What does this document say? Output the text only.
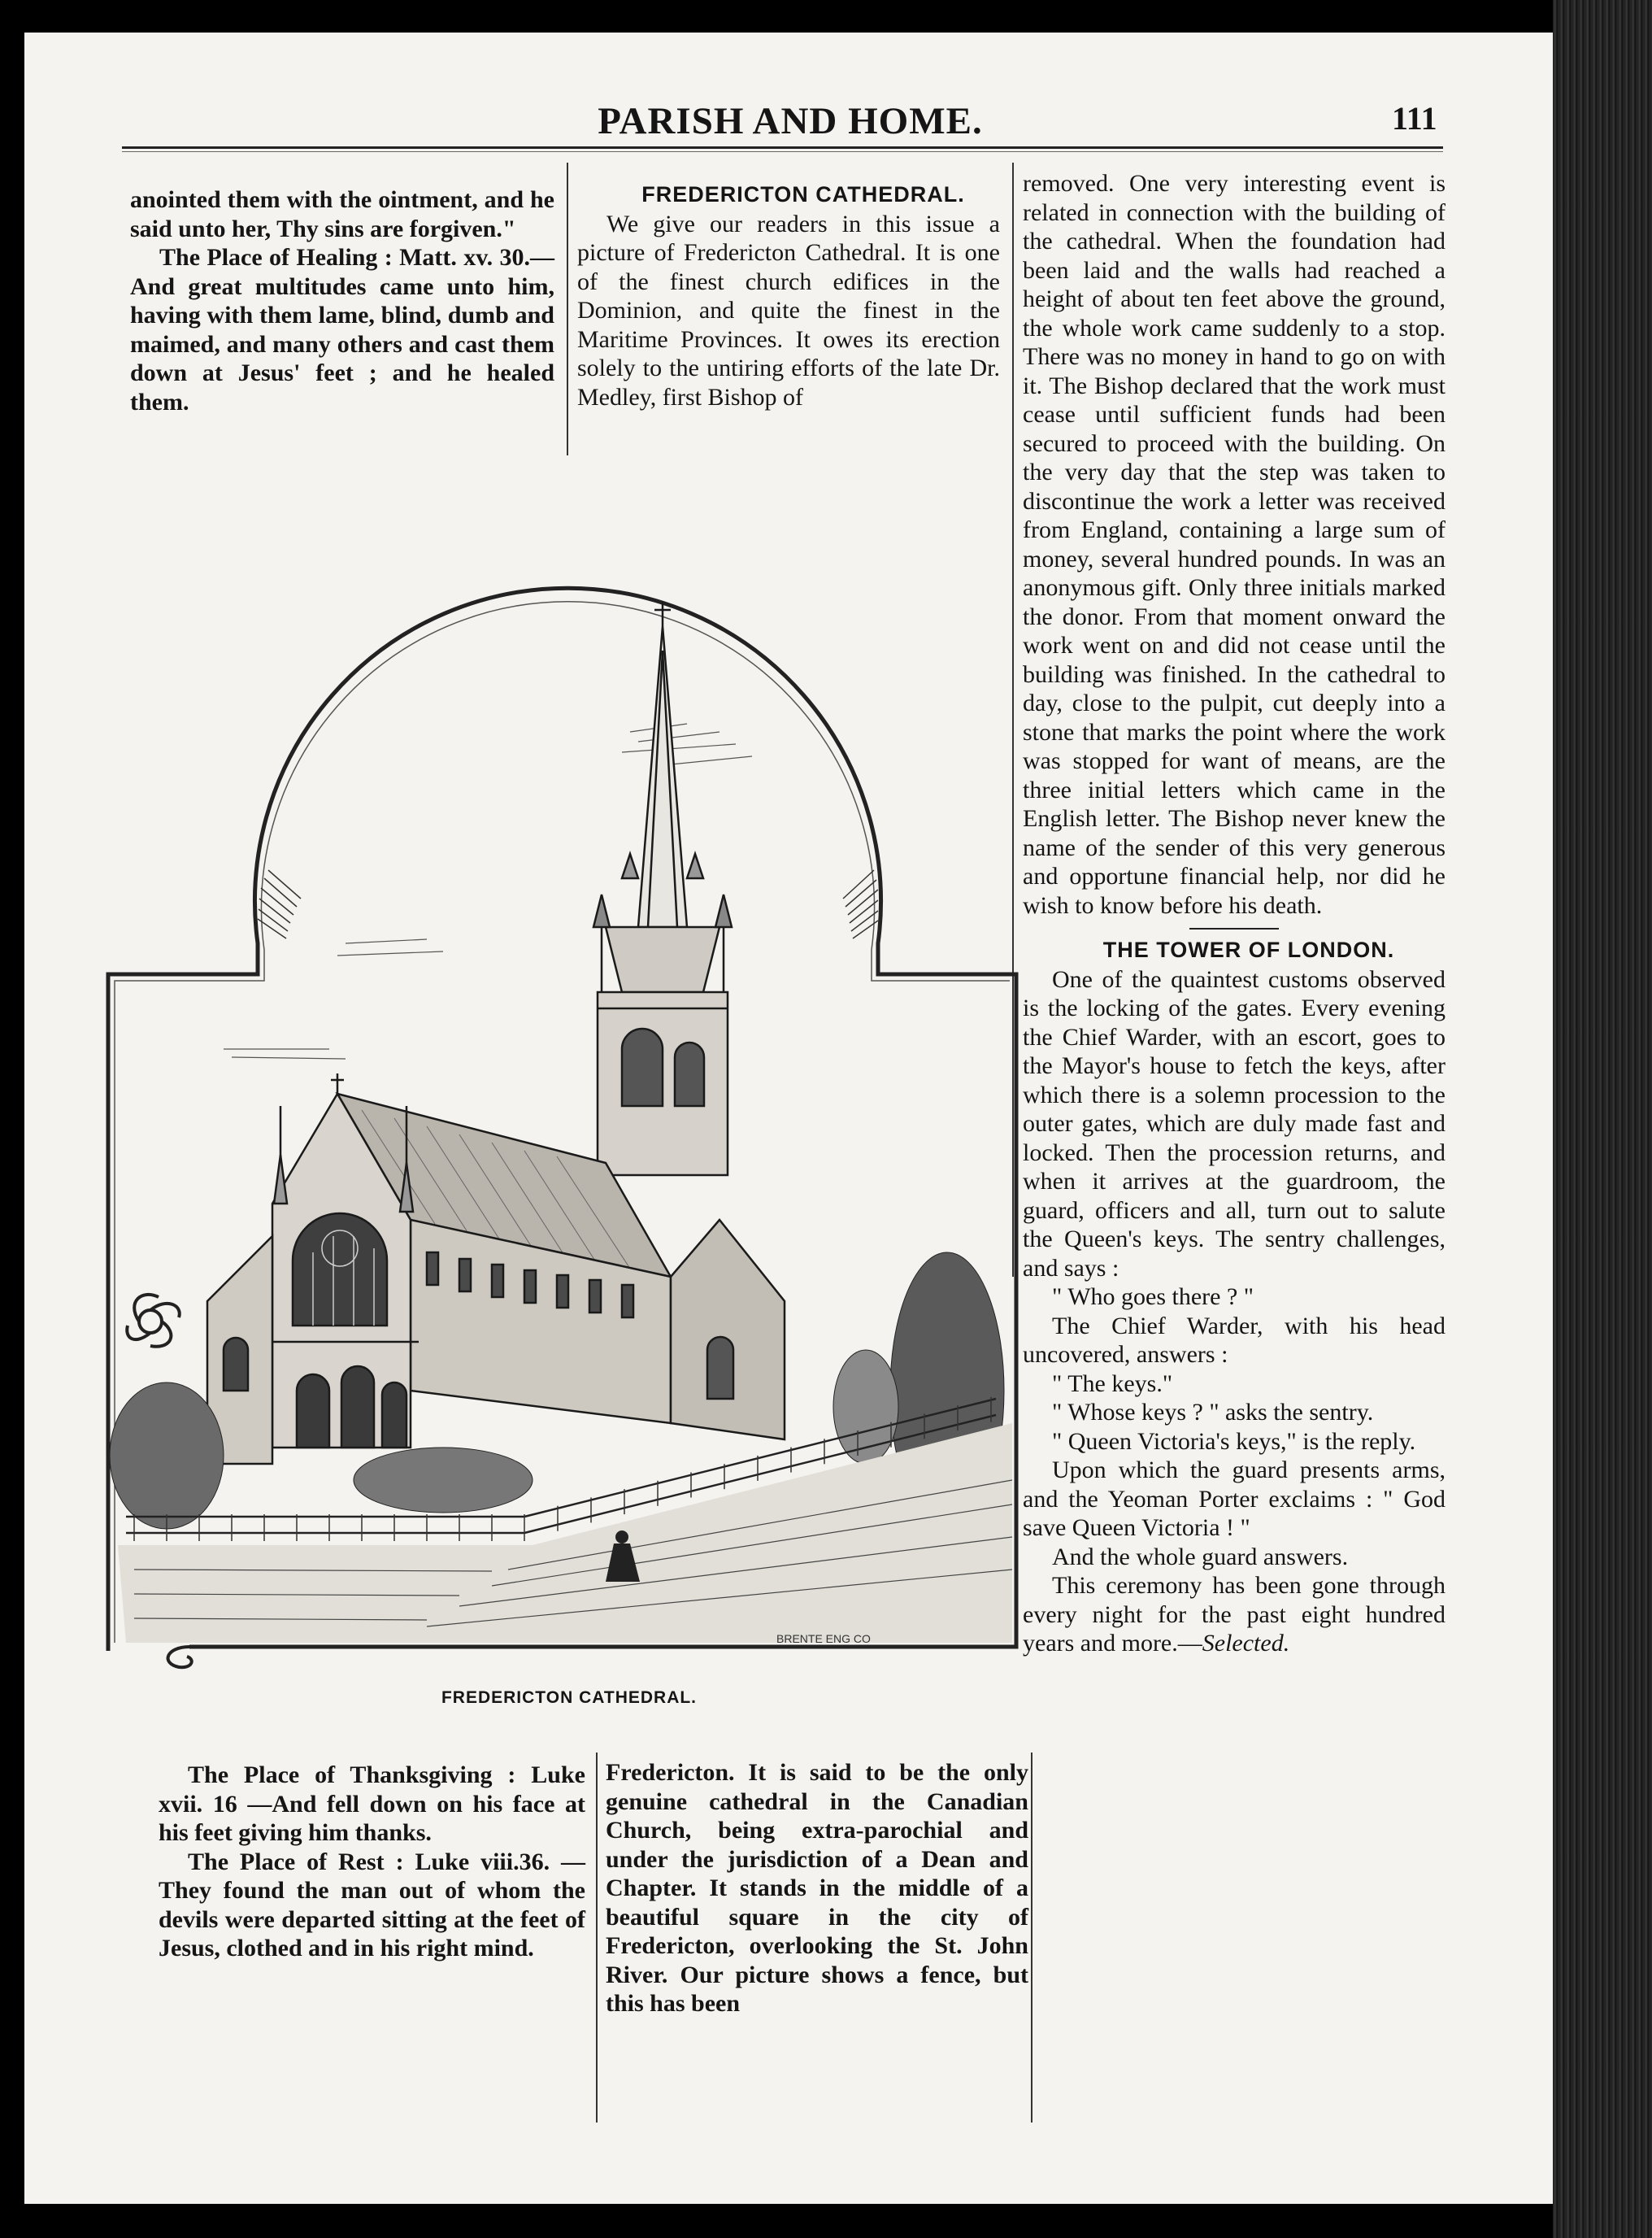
PARISH AND HOME.	111

anointed them with the ointment, and he said unto her, Thy sins are forgiven."

The Place of Healing : Matt. xv. 30.—And great multitudes came unto him, having with them lame, blind, dumb and maimed, and many others and cast them down at Jesus' feet ; and he healed them.

FREDERICTON CATHEDRAL.

We give our readers in this issue a picture of Fredericton Cathedral. It is one of the finest church edifices in the Dominion, and quite the finest in the Maritime Provinces. It owes its erection solely to the untiring efforts of the late Dr. Medley, first Bishop of

removed. One very interesting event is related in connection with the building of the cathedral. When the foundation had been laid and the walls had reached a height of about ten feet above the ground, the whole work came suddenly to a stop. There was no money in hand to go on with it. The Bishop declared that the work must cease until sufficient funds had been secured to proceed with the building. On the very day that the step was taken to discontinue the work a letter was received from England, containing a large sum of money, several hundred pounds. In was an anonymous gift. Only three initials marked the donor. From that moment onward the work went on and did not cease until the building was finished. In the cathedral to day, close to the pulpit, cut deeply into a stone that marks the point where the work was stopped for want of means, are the three initial letters which came in the English letter. The Bishop never knew the name of the sender of this very generous and opportune financial help, nor did he wish to know before his death.

THE TOWER OF LONDON.

One of the quaintest customs observed is the locking of the gates. Every evening the Chief Warder, with an escort, goes to the Mayor's house to fetch the keys, after which there is a solemn procession to the outer gates, which are duly made fast and locked. Then the procession returns, and when it arrives at the guardroom, the guard, officers and all, turn out to salute the Queen's keys. The sentry challenges, and says :

" Who goes there ? "

The Chief Warder, with his head uncovered, answers :

" The keys."

" Whose keys ? " asks the sentry.

" Queen Victoria's keys," is the reply.

Upon which the guard presents arms, and the Yeoman Porter exclaims : " God save Queen Victoria ! "

And the whole guard answers.

This ceremony has been gone through every night for the past eight hundred years and more.—Selected.

BRENTE ENG CO
FREDERICTON CATHEDRAL.

The Place of Thanksgiving : Luke xvii. 16 —And fell down on his face at his feet giving him thanks.

The Place of Rest : Luke viii.36. —They found the man out of whom the devils were departed sitting at the feet of Jesus, clothed and in his right mind.

Fredericton. It is said to be the only genuine cathedral in the Canadian Church, being extra-parochial and under the jurisdiction of a Dean and Chapter. It stands in the middle of a beautiful square in the city of Fredericton, overlooking the St. John River. Our picture shows a fence, but this has been
